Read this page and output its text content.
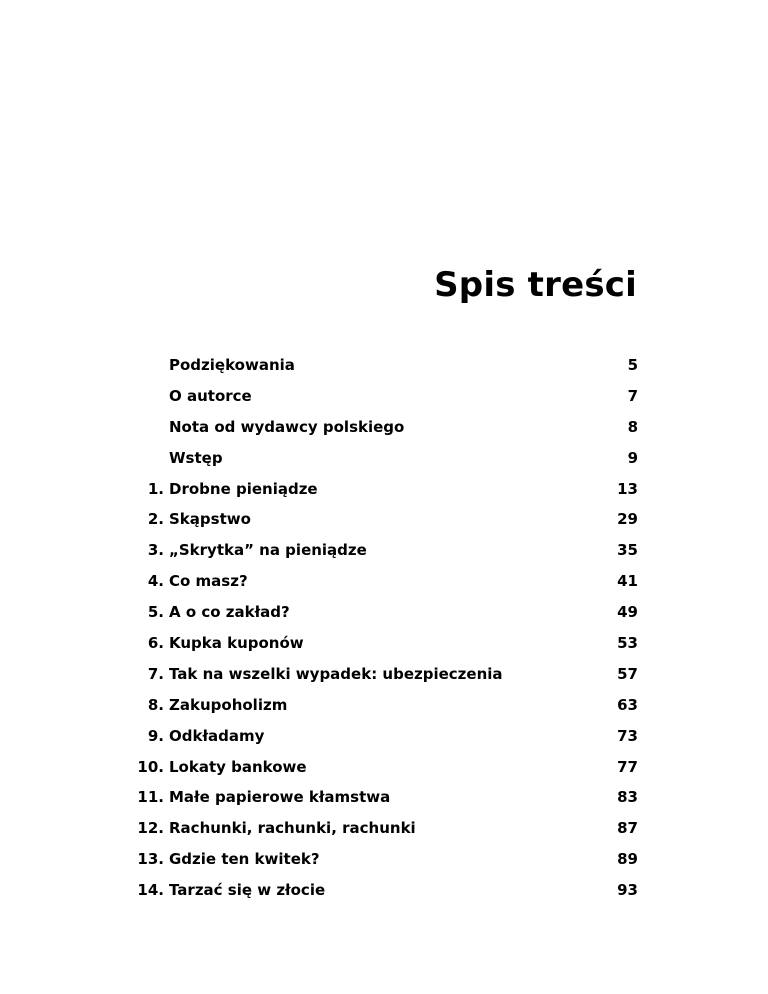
Spis treści
Podziękowania	5
O autorce	7
Nota od wydawcy polskiego	8
Wstęp	9
1. Drobne pieniądze	13
2. Skąpstwo	29
3. „Skrytka” na pieniądze	35
4. Co masz?	41
5. A o co zakład?	49
6. Kupka kuponów	53
7. Tak na wszelki wypadek: ubezpieczenia	57
8. Zakupoholizm	63
9. Odkładamy	73
10. Lokaty bankowe	77
11. Małe papierowe kłamstwa	83
12. Rachunki, rachunki, rachunki	87
13. Gdzie ten kwitek?	89
14. Tarzać się w złocie	93
